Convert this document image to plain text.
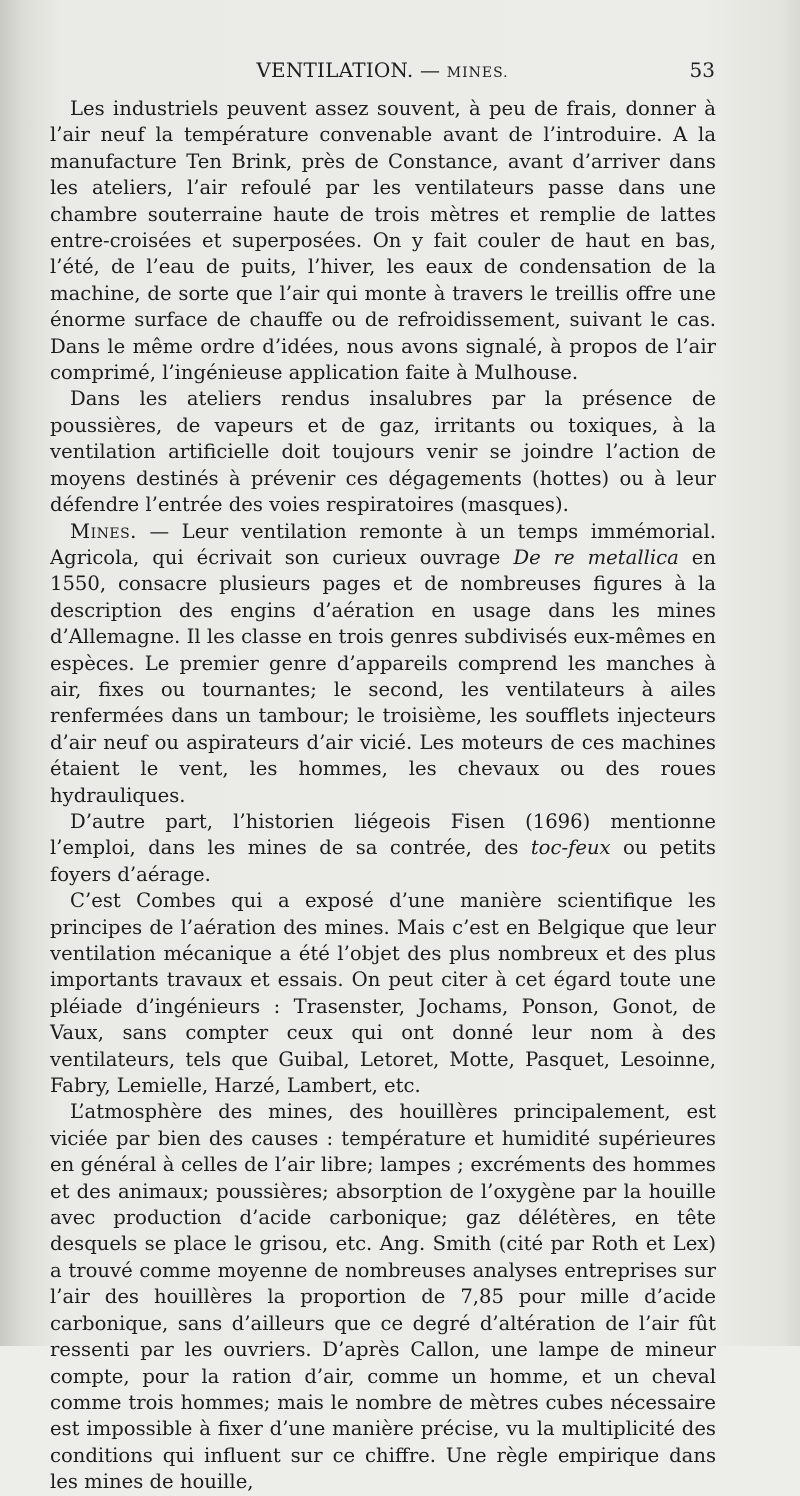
VENTILATION. — MINES.	53

Les industriels peuvent assez souvent, à peu de frais, donner à l’air neuf la température convenable avant de l’introduire. A la manufacture Ten Brink, près de Constance, avant d’arriver dans les ateliers, l’air refoulé par les ventilateurs passe dans une chambre souterraine haute de trois mètres et remplie de lattes entre-croisées et superposées. On y fait couler de haut en bas, l’été, de l’eau de puits, l’hiver, les eaux de condensation de la machine, de sorte que l’air qui monte à travers le treillis offre une énorme surface de chauffe ou de refroidissement, suivant le cas. Dans le même ordre d’idées, nous avons signalé, à propos de l’air comprimé, l’ingénieuse application faite à Mulhouse.

Dans les ateliers rendus insalubres par la présence de poussières, de vapeurs et de gaz, irritants ou toxiques, à la ventilation artificielle doit toujours venir se joindre l’action de moyens destinés à prévenir ces dégagements (hottes) ou à leur défendre l’entrée des voies respiratoires (masques).

Mines. — Leur ventilation remonte à un temps immémorial. Agricola, qui écrivait son curieux ouvrage De re metallica en 1550, consacre plusieurs pages et de nombreuses figures à la description des engins d’aération en usage dans les mines d’Allemagne. Il les classe en trois genres subdivisés eux-mêmes en espèces. Le premier genre d’appareils comprend les manches à air, fixes ou tournantes; le second, les ventilateurs à ailes renfermées dans un tambour; le troisième, les soufflets injecteurs d’air neuf ou aspirateurs d’air vicié. Les moteurs de ces machines étaient le vent, les hommes, les chevaux ou des roues hydrauliques.

D’autre part, l’historien liégeois Fisen (1696) mentionne l’emploi, dans les mines de sa contrée, des toc-feux ou petits foyers d’aérage.

C’est Combes qui a exposé d’une manière scientifique les principes de l’aération des mines. Mais c’est en Belgique que leur ventilation mécanique a été l’objet des plus nombreux et des plus importants travaux et essais. On peut citer à cet égard toute une pléiade d’ingénieurs : Trasenster, Jochams, Ponson, Gonot, de Vaux, sans compter ceux qui ont donné leur nom à des ventilateurs, tels que Guibal, Letoret, Motte, Pasquet, Lesoinne, Fabry, Lemielle, Harzé, Lambert, etc.

L’atmosphère des mines, des houillères principalement, est viciée par bien des causes : température et humidité supérieures en général à celles de l’air libre; lampes ; excréments des hommes et des animaux; poussières; absorption de l’oxygène par la houille avec production d’acide carbonique; gaz délétères, en tête desquels se place le grisou, etc. Ang. Smith (cité par Roth et Lex) a trouvé comme moyenne de nombreuses analyses entreprises sur l’air des houillères la proportion de 7,85 pour mille d’acide carbonique, sans d’ailleurs que ce degré d’altération de l’air fût ressenti par les ouvriers. D’après Callon, une lampe de mineur compte, pour la ration d’air, comme un homme, et un cheval comme trois hommes; mais le nombre de mètres cubes nécessaire est impossible à fixer d’une manière précise, vu la multiplicité des conditions qui influent sur ce chiffre. Une règle empirique dans les mines de houille,
